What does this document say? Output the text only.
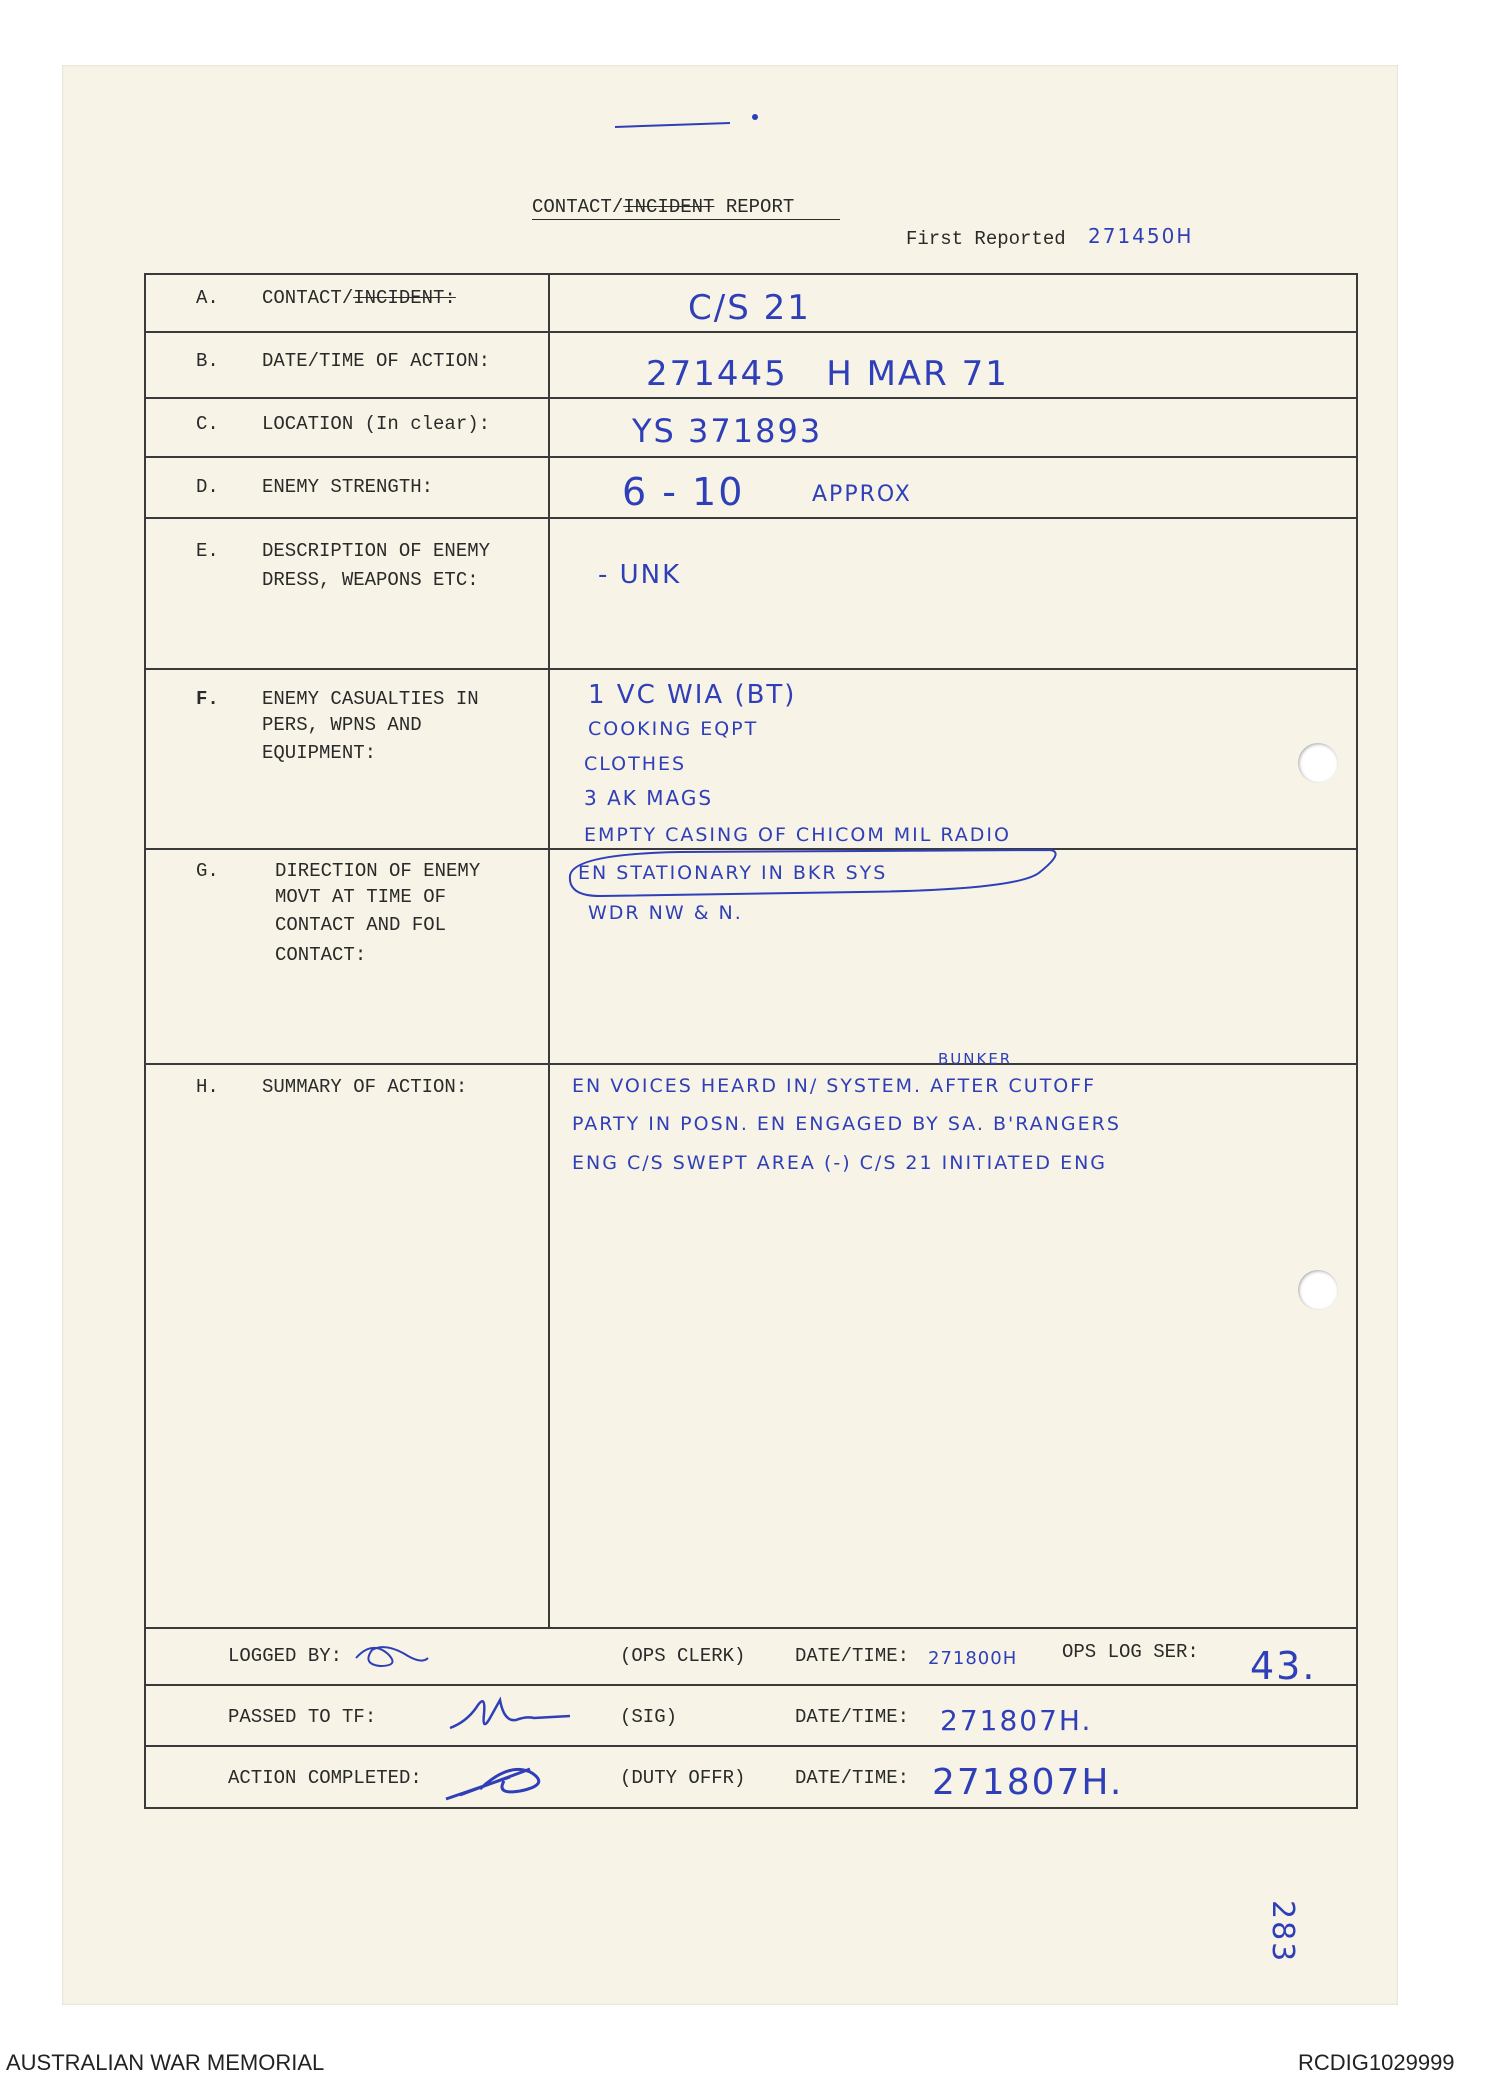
CONTACT/INCIDENT REPORT
First Reported 271450H
A. CONTACT/INCIDENT:	C/S 21
B. DATE/TIME OF ACTION:	271445   H MAR 71
C. LOCATION (In clear):	YS 371893
D. ENEMY STRENGTH:	6 - 10	APPROX
E. DESCRIPTION OF ENEMY
DRESS, WEAPONS ETC:	- UNK
F. ENEMY CASUALTIES IN
PERS, WPNS AND
EQUIPMENT:
1 VC WIA (BT)
COOKING EQPT
CLOTHES
3 AK MAGS
EMPTY CASING OF CHICOM MIL RADIO
G.	DIRECTION OF ENEMY
MOVT AT TIME OF
CONTACT AND FOL
CONTACT:
EN STATIONARY IN BKR SYS
WDR NW & N.
H. SUMMARY OF ACTION:
BUNKER
EN VOICES HEARD IN/ SYSTEM. AFTER CUTOFF
PARTY IN POSN. EN ENGAGED BY SA. B'RANGERS
ENG C/S SWEPT AREA (-) C/S 21 INITIATED ENG
LOGGED BY:	(OPS CLERK)	DATE/TIME: 271800H OPS LOG SER: 43.
PASSED TO TF:	(SIG)	DATE/TIME: 271807H.
ACTION COMPLETED:	(DUTY OFFR)	DATE/TIME: 271807H.
283
AUSTRALIAN WAR MEMORIAL	RCDIG1029999
